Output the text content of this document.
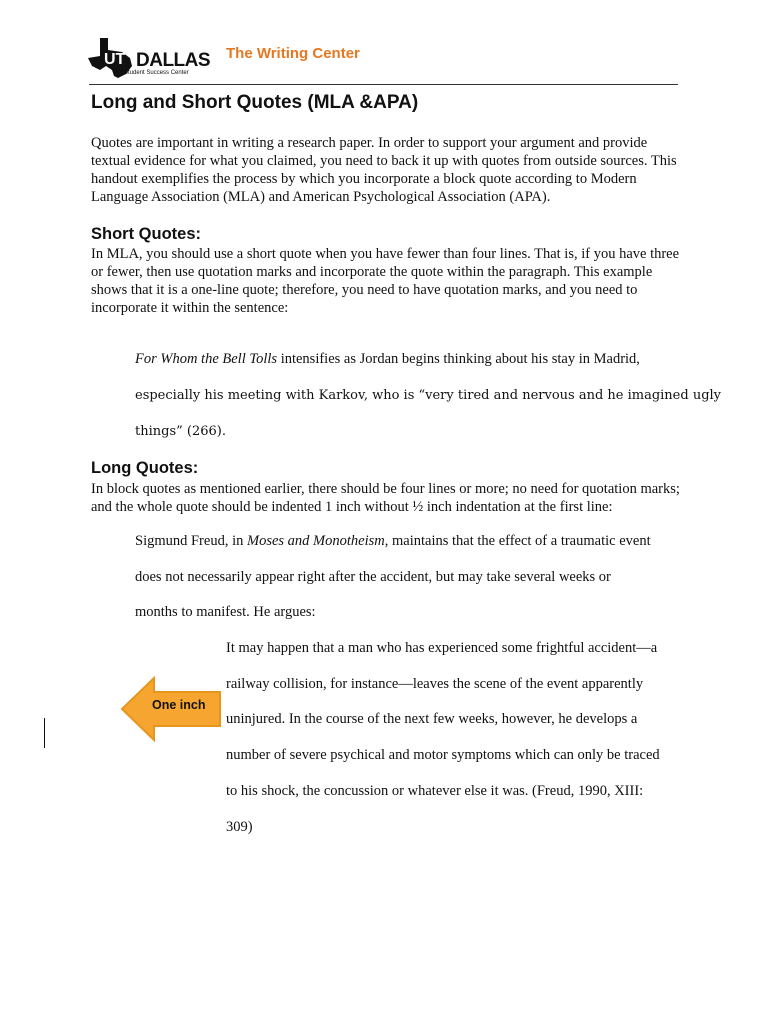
UT DALLAS
Student Success Center
The Writing Center
Long and Short Quotes (MLA &APA)

Quotes are important in writing a research paper. In order to support your argument and provide textual evidence for what you claimed, you need to back it up with quotes from outside sources. This handout exemplifies the process by which you incorporate a block quote according to Modern Language Association (MLA) and American Psychological Association (APA).

Short Quotes:

In MLA, you should use a short quote when you have fewer than four lines. That is, if you have three or fewer, then use quotation marks and incorporate the quote within the paragraph. This example shows that it is a one-line quote; therefore, you need to have quotation marks, and you need to incorporate it within the sentence:

For Whom the Bell Tolls intensifies as Jordan begins thinking about his stay in Madrid,

especially his meeting with Karkov, who is “very tired and nervous and he imagined ugly

things” (266).

Long Quotes:

In block quotes as mentioned earlier, there should be four lines or more; no need for quotation marks; and the whole quote should be indented 1 inch without ½ inch indentation at the first line:

Sigmund Freud, in Moses and Monotheism, maintains that the effect of a traumatic event

does not necessarily appear right after the accident, but may take several weeks or

months to manifest. He argues:

It may happen that a man who has experienced some frightful accident—a

railway collision, for instance—leaves the scene of the event apparently

uninjured. In the course of the next few weeks, however, he develops a

number of severe psychical and motor symptoms which can only be traced

to his shock, the concussion or whatever else it was. (Freud, 1990, XIII:

309)

One inch
